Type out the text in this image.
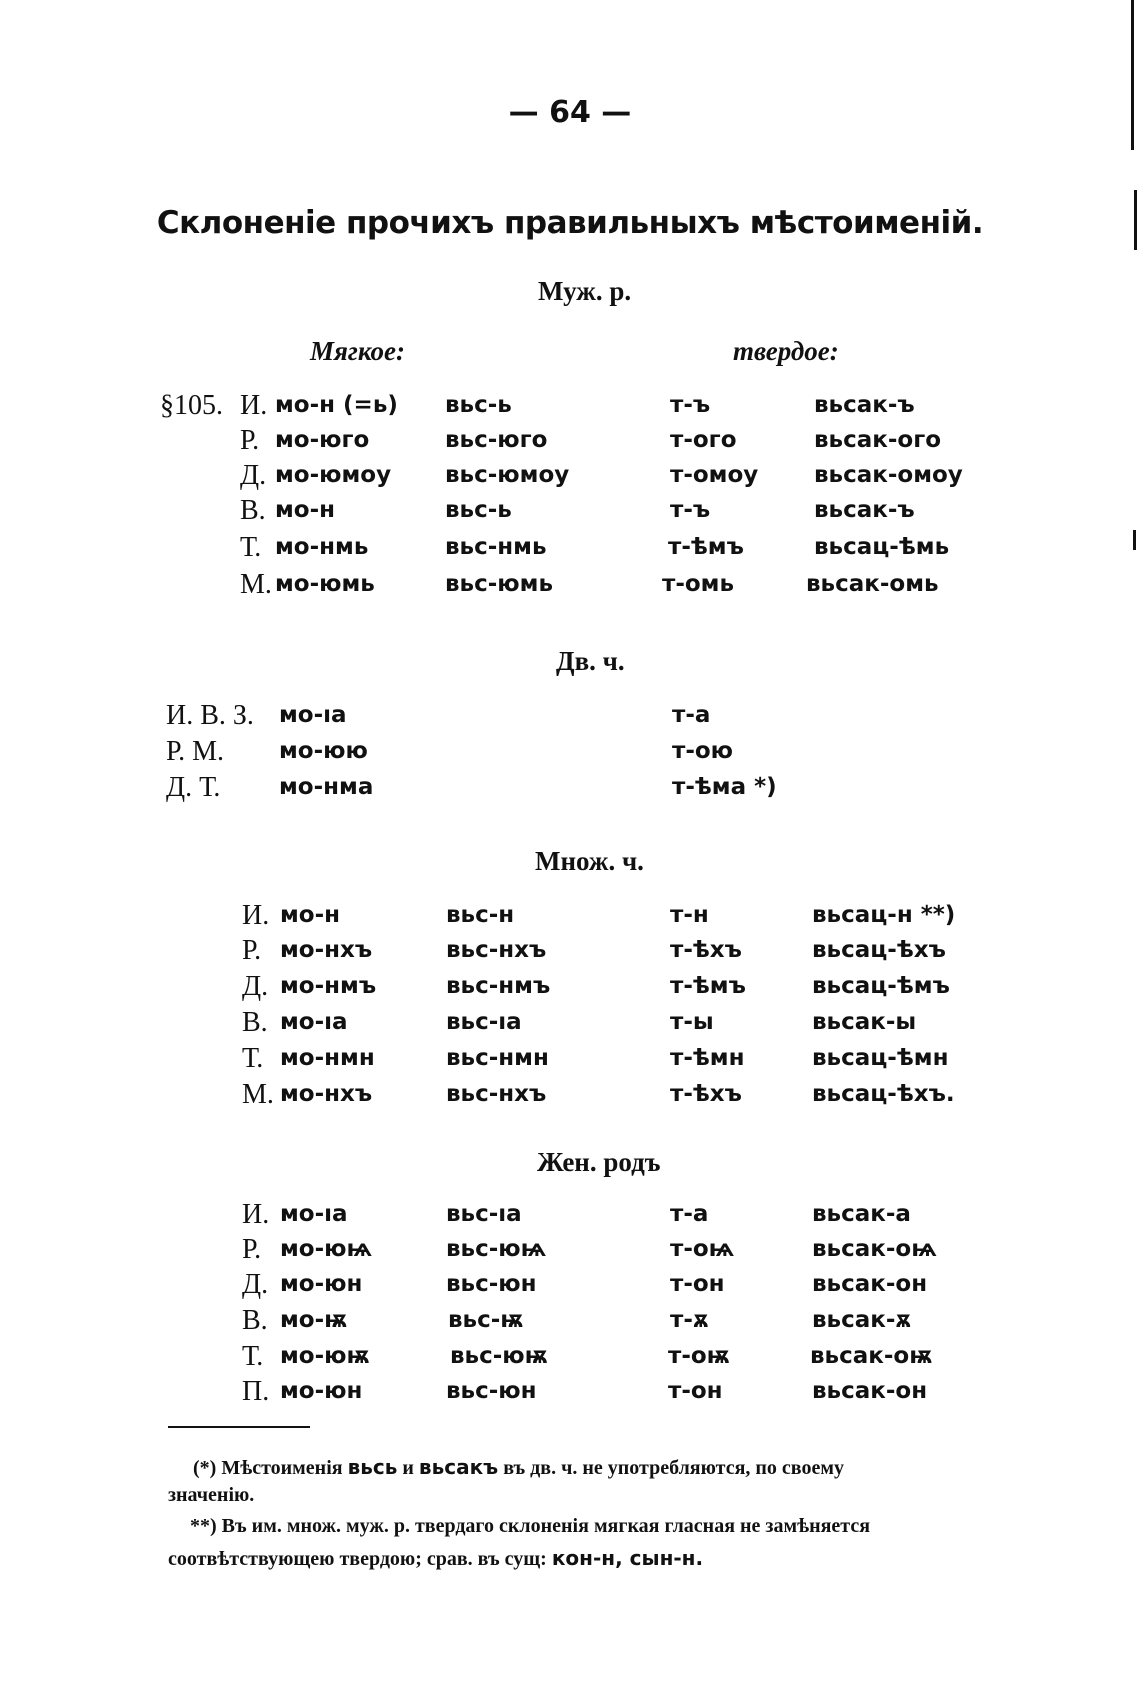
— 64 —
Склоненіе прочихъ правильныхъ мѣстоименій.
Муж. р.
Мягкое:	твердое:
§105. И. мо-н (=ь) вьс-ь	т-ъ	вьсак-ъ
Р. мо-юго	вьс-юго	т-ого	вьсак-ого
Д. мо-юмоу вьс-юмоу	т-омоу вьсак-омоу
В. мо-н	вьс-ь	т-ъ	вьсак-ъ
Т. мо-нмь	вьс-нмь	т-ѣмъ	вьсац-ѣмь
М. мо-юмь	вьс-юмь	т-омь	вьсак-омь
Дв. ч.
И. В. З. мо-ıа	т-а
Р. М. мо-юю	т-ою
Д. Т.	мо-нма	т-ѣма *)
Множ. ч.
И. мо-н	вьс-н	т-н	вьсац-н **)
Р. мо-нхъ	вьс-нхъ	т-ѣхъ	вьсац-ѣхъ
Д. мо-нмъ	вьс-нмъ	т-ѣмъ	вьсац-ѣмъ
В. мо-ıа	вьс-ıа	т-ы	вьсак-ы
Т. мо-нмн	вьс-нмн	т-ѣмн	вьсац-ѣмн
М. мо-нхъ	вьс-нхъ	т-ѣхъ	вьсац-ѣхъ.
Жен. родъ
И. мо-ıа	вьс-ıа	т-а	вьсак-а
Р. мо-юѩ	вьс-юѩ	т-оѩ	вьсак-оѩ
Д. мо-юн	вьс-юн	т-он	вьсак-он
В. мо-ѭ	вьс-ѭ	т-ѫ	вьсак-ѫ
Т. мо-юѭ	вьс-юѭ	т-оѭ	вьсак-оѭ
П. мо-юн	вьс-юн	т-он	вьсак-он
(*) Мѣстоименія вьсь и вьсакъ въ дв. ч. не употребляются, по своему
значенію.
**) Въ им. множ. муж. р. твердаго склоненія мягкая гласная не замѣняется
соотвѣтствующею твердою; срав. въ сущ: кон-н, сын-н.
